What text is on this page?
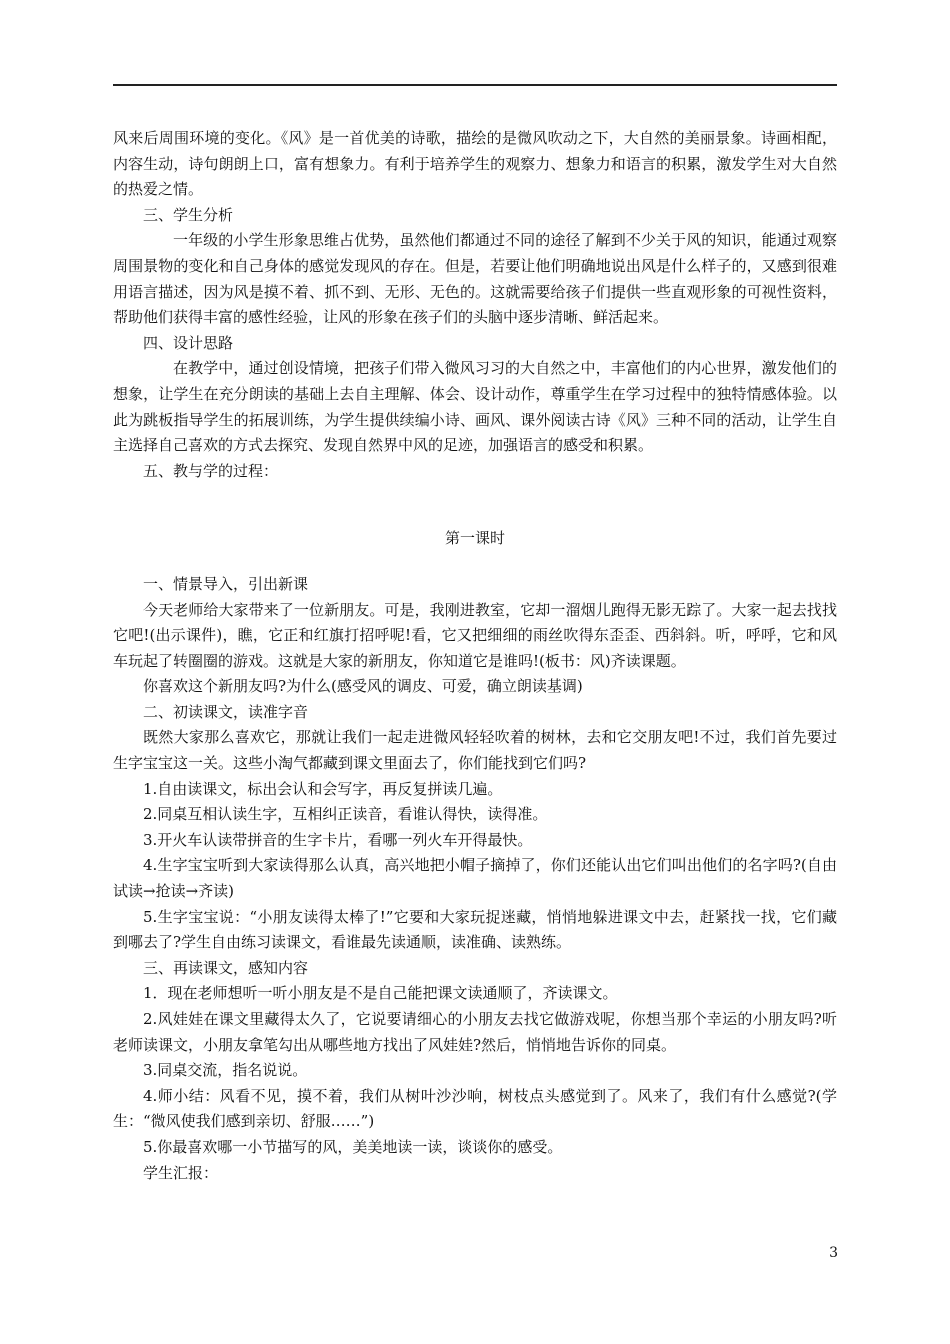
风来后周围环境的变化。《风》是一首优美的诗歌，描绘的是微风吹动之下，大自然的美丽景象。诗画相配，内容生动，诗句朗朗上口，富有想象力。有利于培养学生的观察力、想象力和语言的积累，激发学生对大自然的热爱之情。

三、学生分析

一年级的小学生形象思维占优势，虽然他们都通过不同的途径了解到不少关于风的知识，能通过观察周围景物的变化和自己身体的感觉发现风的存在。但是，若要让他们明确地说出风是什么样子的，又感到很难用语言描述，因为风是摸不着、抓不到、无形、无色的。这就需要给孩子们提供一些直观形象的可视性资料，帮助他们获得丰富的感性经验，让风的形象在孩子们的头脑中逐步清晰、鲜活起来。

四、设计思路

在教学中，通过创设情境，把孩子们带入微风习习的大自然之中，丰富他们的内心世界，激发他们的想象，让学生在充分朗读的基础上去自主理解、体会、设计动作，尊重学生在学习过程中的独特情感体验。以此为跳板指导学生的拓展训练，为学生提供续编小诗、画风、课外阅读古诗《风》三种不同的活动，让学生自主选择自己喜欢的方式去探究、发现自然界中风的足迹，加强语言的感受和积累。

五、教与学的过程：

第一课时

一、情景导入，引出新课

今天老师给大家带来了一位新朋友。可是，我刚进教室，它却一溜烟儿跑得无影无踪了。大家一起去找找它吧!(出示课件)，瞧，它正和红旗打招呼呢!看，它又把细细的雨丝吹得东歪歪、西斜斜。听，呼呼，它和风车玩起了转圈圈的游戏。这就是大家的新朋友，你知道它是谁吗!(板书：风)齐读课题。

你喜欢这个新朋友吗?为什么(感受风的调皮、可爱，确立朗读基调)

二、初读课文，读准字音

既然大家那么喜欢它，那就让我们一起走进微风轻轻吹着的树林，去和它交朋友吧!不过，我们首先要过生字宝宝这一关。这些小淘气都藏到课文里面去了，你们能找到它们吗?

1.自由读课文，标出会认和会写字，再反复拼读几遍。

2.同桌互相认读生字，互相纠正读音，看谁认得快，读得准。

3.开火车认读带拼音的生字卡片，看哪一列火车开得最快。

4.生字宝宝听到大家读得那么认真，高兴地把小帽子摘掉了，你们还能认出它们叫出他们的名字吗?(自由试读→抢读→齐读)

5.生字宝宝说：“小朋友读得太棒了!”它要和大家玩捉迷藏，悄悄地躲进课文中去，赶紧找一找，它们藏到哪去了?学生自由练习读课文，看谁最先读通顺，读准确、读熟练。

三、再读课文，感知内容

1．现在老师想听一听小朋友是不是自己能把课文读通顺了，齐读课文。

2.风娃娃在课文里藏得太久了，它说要请细心的小朋友去找它做游戏呢，你想当那个幸运的小朋友吗?听老师读课文，小朋友拿笔勾出从哪些地方找出了风娃娃?然后，悄悄地告诉你的同桌。

3.同桌交流，指名说说。

4.师小结：风看不见，摸不着，我们从树叶沙沙响，树枝点头感觉到了。风来了，我们有什么感觉?(学生：“微风使我们感到亲切、舒服……”)

5.你最喜欢哪一小节描写的风，美美地读一读，谈谈你的感受。

学生汇报：

3
